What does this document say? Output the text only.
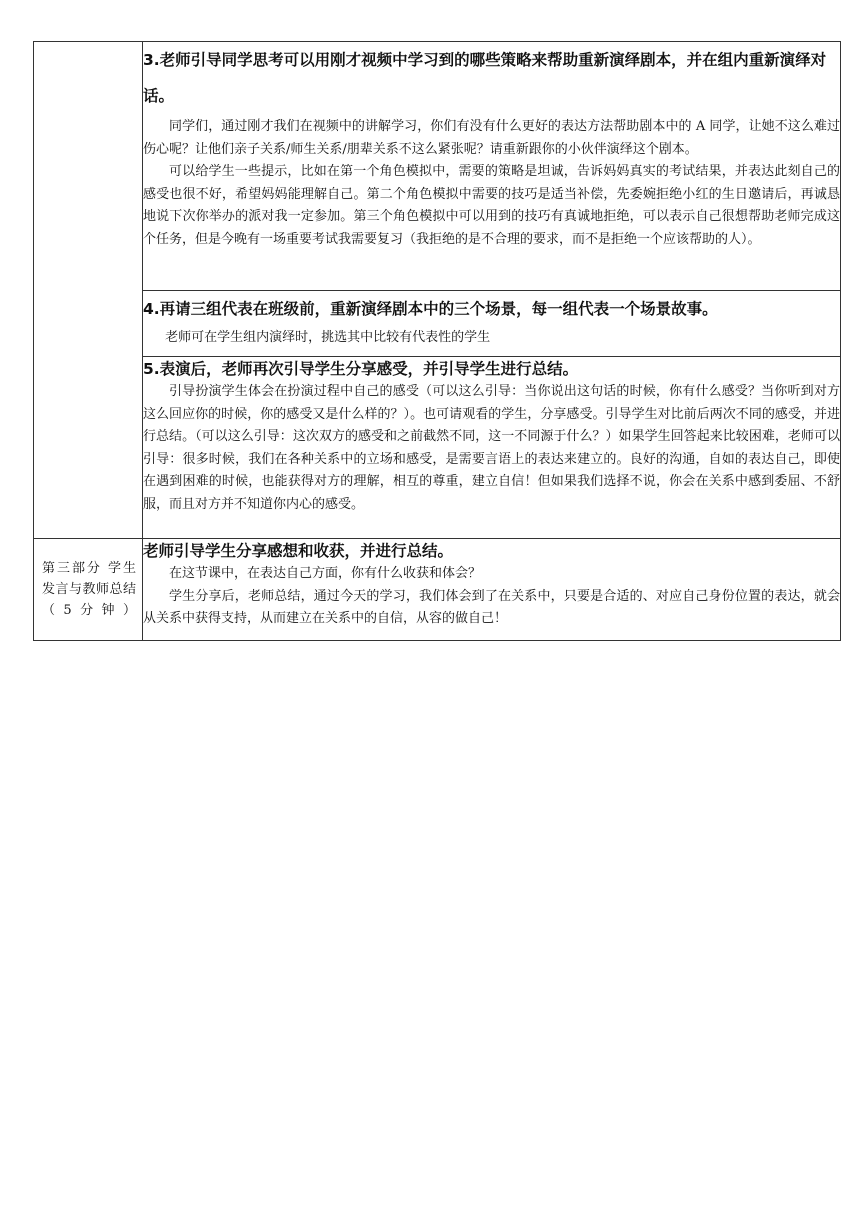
	3.老师引导同学思考可以用刚才视频中学习到的哪些策略来帮助重新演绎剧本，并在组内重新演绎对话。

同学们，通过刚才我们在视频中的讲解学习，你们有没有什么更好的表达方法帮助剧本中的 A 同学，让她不这么难过伤心呢？让他们亲子关系/师生关系/朋辈关系不这么紧张呢？请重新跟你的小伙伴演绎这个剧本。

可以给学生一些提示，比如在第一个角色模拟中，需要的策略是坦诚，告诉妈妈真实的考试结果，并表达此刻自己的感受也很不好，希望妈妈能理解自己。第二个角色模拟中需要的技巧是适当补偿，先委婉拒绝小红的生日邀请后，再诚恳地说下次你举办的派对我一定参加。第三个角色模拟中可以用到的技巧有真诚地拒绝，可以表示自己很想帮助老师完成这个任务，但是今晚有一场重要考试我需要复习（我拒绝的是不合理的要求，而不是拒绝一个应该帮助的人）。

	4.再请三组代表在班级前，重新演绎剧本中的三个场景，每一组代表一个场景故事。

老师可在学生组内演绎时，挑选其中比较有代表性的学生

	5.表演后，老师再次引导学生分享感受，并引导学生进行总结。

引导扮演学生体会在扮演过程中自己的感受（可以这么引导：当你说出这句话的时候，你有什么感受？当你听到对方这么回应你的时候，你的感受又是什么样的？）。也可请观看的学生，分享感受。引导学生对比前后两次不同的感受，并进行总结。（可以这么引导：这次双方的感受和之前截然不同，这一不同源于什么？）如果学生回答起来比较困难，老师可以引导：很多时候，我们在各种关系中的立场和感受，是需要言语上的表达来建立的。良好的沟通，自如的表达自己，即使在遇到困难的时候，也能获得对方的理解，相互的尊重，建立自信！但如果我们选择不说，你会在关系中感到委屈、不舒服，而且对方并不知道你内心的感受。

第三部分 学生发言与教师总结（5分钟）	老师引导学生分享感想和收获，并进行总结。

在这节课中，在表达自己方面，你有什么收获和体会？

学生分享后，老师总结，通过今天的学习，我们体会到了在关系中，只要是合适的、对应自己身份位置的表达，就会从关系中获得支持，从而建立在关系中的自信，从容的做自己！
